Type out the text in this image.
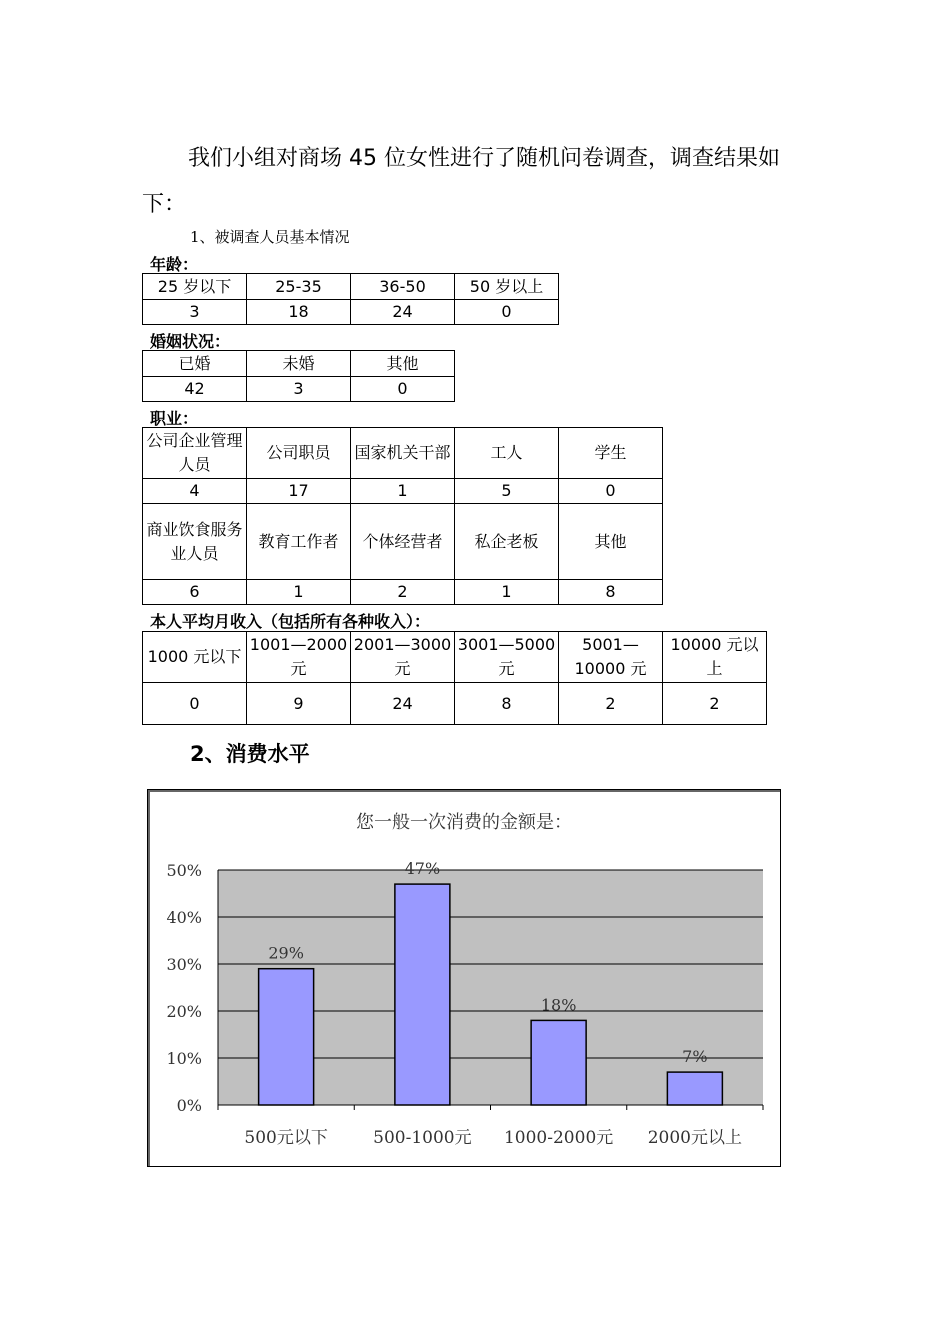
我们小组对商场 45 位女性进行了随机问卷调查，调查结果如下：
1、被调查人员基本情况
年龄：
25 岁以下	25-35	36-50	50 岁以上
3	18	24	0
婚姻状况：
已婚	未婚	其他
42	3	0
职业：
公司企业管理人员	公司职员	国家机关干部	工人	学生
4	17	1	5	0
商业饮食服务业人员	教育工作者	个体经营者	私企老板	其他
6	1	2	1	8
本人平均月收入（包括所有各种收入）：
1000 元以下	1001—2000 元	2001—3000 元	3001—5000 元	5001—10000 元	10000 元以上
0	9	24	8	2	2
2、消费水平
您一般一次消费的金额是：
0%
10%
20%
30%
40%
50%
29%
500元以下
47%
500-1000元
18%
1000-2000元
7%
2000元以上
